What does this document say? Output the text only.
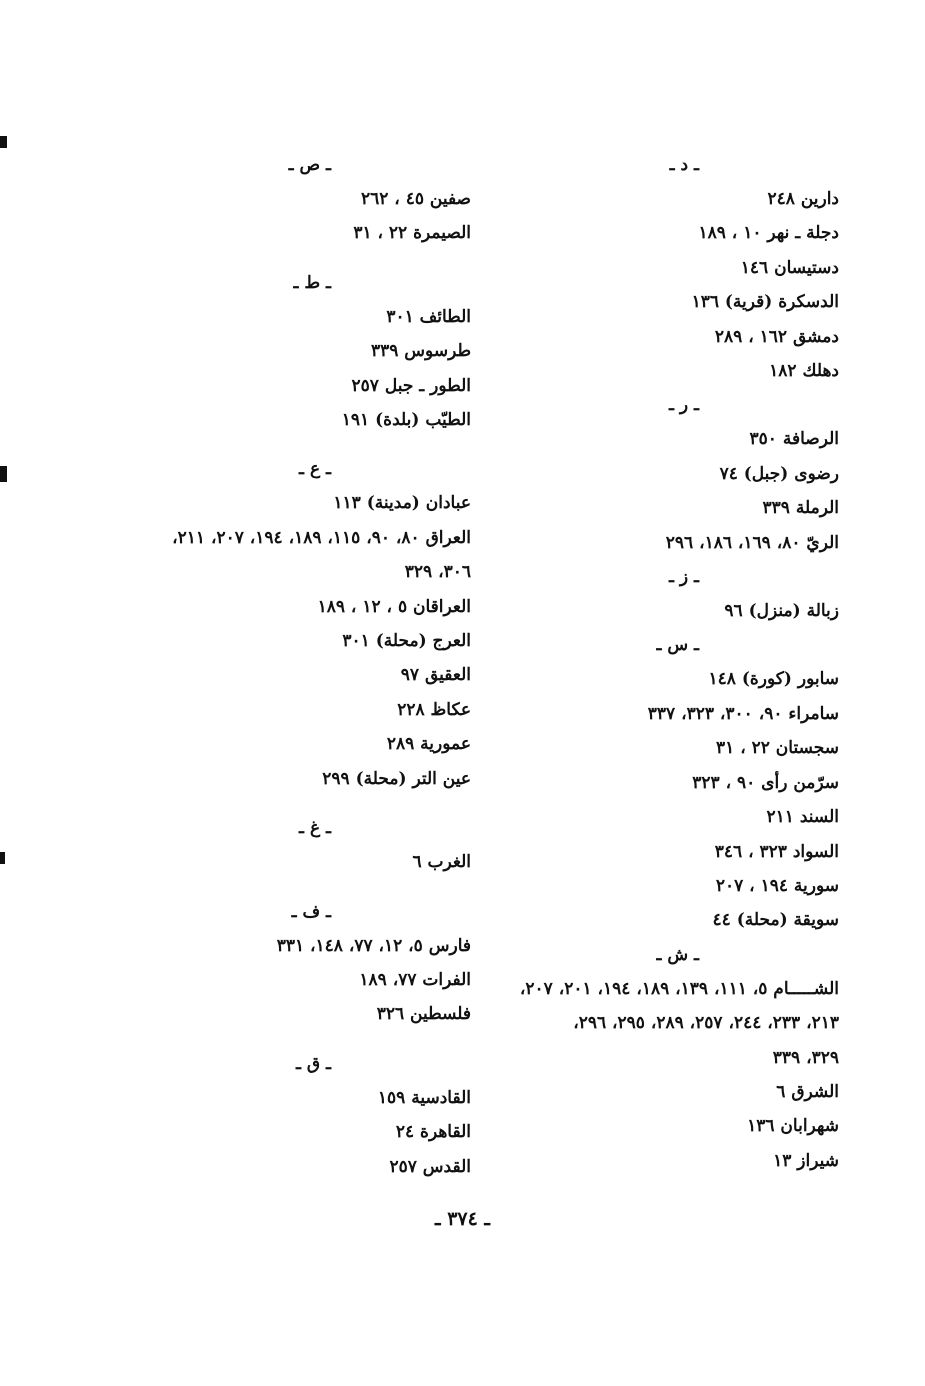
ـ د ـ
دارين ٢٤٨
دجلة ـ نهر ١٠ ، ١٨٩
دستيسان ١٤٦
الدسكرة (قرية) ١٣٦
دمشق ١٦٢ ، ٢٨٩
دهلك ١٨٢
ـ ر ـ
الرصافة ٣٥٠
رضوى (جبل) ٧٤
الرملة ٣٣٩
الريّ ٨٠، ١٦٩، ١٨٦، ٢٩٦
ـ ز ـ
زبالة (منزل) ٩٦
ـ س ـ
سابور (كورة) ١٤٨
سامراء ٩٠، ٣٠٠، ٣٢٣، ٣٣٧
سجستان ٢٢ ، ٣١
سرّمن رأى ٩٠ ، ٣٢٣
السند ٢١١
السواد ٣٢٣ ، ٣٤٦
سورية ١٩٤ ، ٢٠٧
سويقة (محلة) ٤٤
ـ ش ـ
الشـــــام ٥، ١١١، ١٣٩، ١٨٩، ١٩٤، ٢٠١، ٢٠٧،
٢١٣، ٢٣٣، ٢٤٤، ٢٥٧، ٢٨٩، ٢٩٥، ٢٩٦،
٣٢٩، ٣٣٩
الشرق ٦
شهرابان ١٣٦
شيراز ١٣
ـ ص ـ
صفين ٤٥ ، ٢٦٢
الصيمرة ٢٢ ، ٣١
ـ ط ـ
الطائف ٣٠١
طرسوس ٣٣٩
الطور ـ جبل ٢٥٧
الطيّب (بلدة) ١٩١
ـ ع ـ
عبادان (مدينة) ١١٣
العراق ٨٠، ٩٠، ١١٥، ١٨٩، ١٩٤، ٢٠٧، ٢١١،
٣٠٦، ٣٢٩
العراقان ٥ ، ١٢ ، ١٨٩
العرج (محلة) ٣٠١
العقيق ٩٧
عكاظ ٢٢٨
عمورية ٢٨٩
عين التر (محلة) ٢٩٩
ـ غ ـ
الغرب ٦
ـ ف ـ
فارس ٥، ١٢، ٧٧، ١٤٨، ٣٣١
الفرات ٧٧، ١٨٩
فلسطين ٣٢٦
ـ ق ـ
القادسية ١٥٩
القاهرة ٢٤
القدس ٢٥٧
ـ ٣٧٤ ـ
